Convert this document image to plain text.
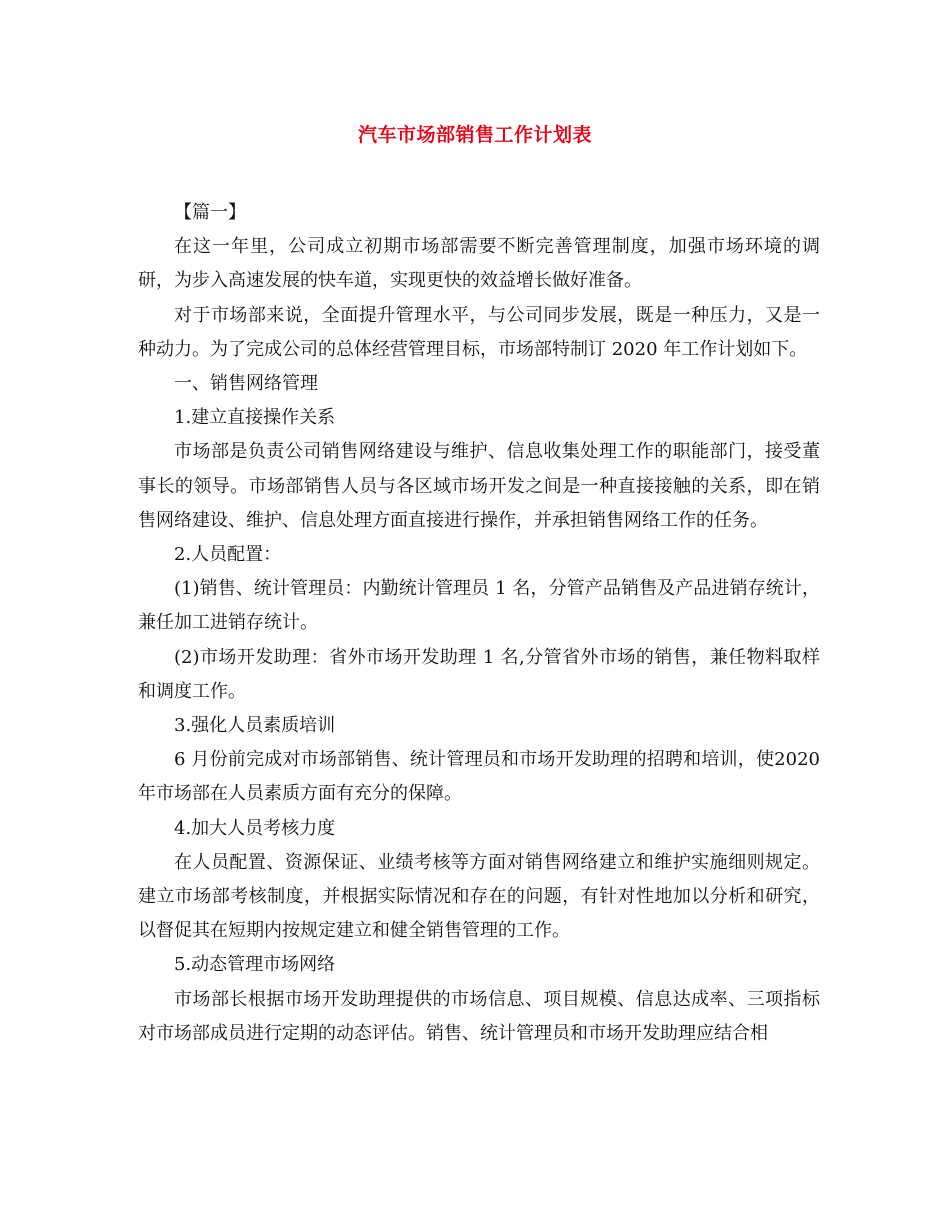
汽车市场部销售工作计划表

【篇一】

在这一年里，公司成立初期市场部需要不断完善管理制度，加强市场环境的调研，为步入高速发展的快车道，实现更快的效益增长做好准备。

对于市场部来说，全面提升管理水平，与公司同步发展，既是一种压力，又是一种动力。为了完成公司的总体经营管理目标，市场部特制订 2020 年工作计划如下。

一、销售网络管理

1.建立直接操作关系

市场部是负责公司销售网络建设与维护、信息收集处理工作的职能部门，接受董事长的领导。市场部销售人员与各区域市场开发之间是一种直接接触的关系，即在销售网络建设、维护、信息处理方面直接进行操作，并承担销售网络工作的任务。

2.人员配置：

(1)销售、统计管理员：内勤统计管理员 1 名，分管产品销售及产品进销存统计，兼任加工进销存统计。

(2)市场开发助理：省外市场开发助理 1 名,分管省外市场的销售，兼任物料取样和调度工作。

3.强化人员素质培训

6 月份前完成对市场部销售、统计管理员和市场开发助理的招聘和培训，使2020 年市场部在人员素质方面有充分的保障。

4.加大人员考核力度

在人员配置、资源保证、业绩考核等方面对销售网络建立和维护实施细则规定。建立市场部考核制度，并根据实际情况和存在的问题，有针对性地加以分析和研究，以督促其在短期内按规定建立和健全销售管理的工作。

5.动态管理市场网络

市场部长根据市场开发助理提供的市场信息、项目规模、信息达成率、三项指标对市场部成员进行定期的动态评估。销售、统计管理员和市场开发助理应结合相
